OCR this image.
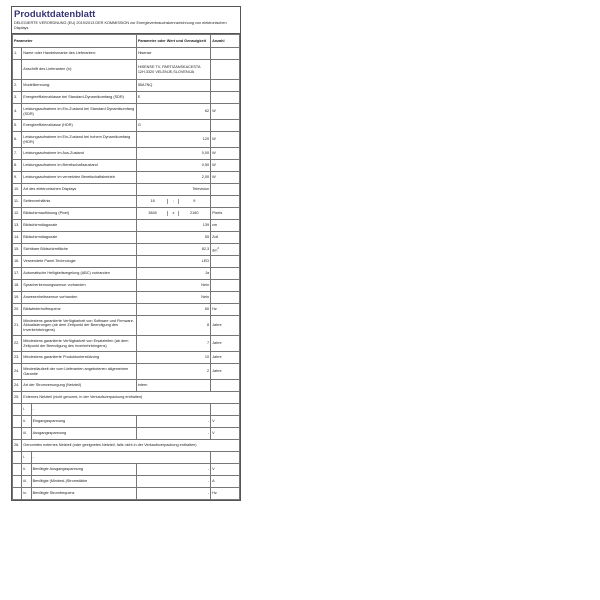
Produktdatenblatt
DELEGIERTE VERORDNUNG (EU) 2019/2013 DER KOMMISSION zur Energieverbrauchskennzeichnung von elektronischen Displays
Parameter			Parameter oder Wert und Genauigkeit	Anzahl
1.	Name oder Handelsmarke des Lieferanten:		Hisense	
	Anschrift des Lieferanten (b):		HISENSE TV, PARTIZANSKACESTA 12H,3320 VELENJE,SLOVENIJA	
2.	Modellkennung:		55A7NQ	
3.	Energieeffizienzklasse bei Standard-Dynamikumfang (SDR)		E	
4.	Leistungsaufnahme im Ein-Zustand bei Standard Dynamikumfang (SDR)		62	W
5.	Energieeffizienzklasse (HDR)		G	
6.	Leistungsaufnahme im Ein-Zustand bei hohem Dynamikumfang (HDR)		120	W
7.	Leistungsaufnahme im Aus-Zustand		0,00	W
8.	Leistungsaufnahme im Bereitschaftszustand		0,50	W
9.	Leistungsaufnahme im vernetzten Bereitschaftsbetrieb		2,00	W
10.	Art des elektronischen Displays		Television	
11.	Seitenverhältnis		16 : 9	

12.	Bildschirmauflösung (Pixel)		3840 x 2160	Pixels
13.	Bildschirmdiagonale		139	cm
14.	Bildschirmdiagonale		55	Zoll
15.	Sichtbare Bildschirmfläche		82,3	$dm^2$
16.	Verwendete Panel-Technologie		LED	
17.	Automatische Helligkeitsregelung (ABC) vorhanden		Ja	
18.	Spracherkennungssensor vorhanden		Nein	
19.	Anwesenheitssensor vorhanden		Nein	
20.	Bildwiederholfrequenz		60	Hz
21.	Mindestens garantierte Verfügbarkeit von Software und Firmware-Aktualisierungen (ab dem Zeitpunkt der Beendigung des Inverkehrbringens)		8	Jahre
22.	Mindestens garantierte Verfügbarkeit von Ersatzteilen (ab dem Zeitpunkt der Beendigung des Inverkehrbringens)		7	Jahre
23.	Mindestens garantierte Produktunterstützung		10	Jahre
24.	Mindestlaufzeit der vom Lieferanten angebotenen allgemeinen Garantie		2	Jahre
24.	Art der Stromversorgung (Netzteil)		intern	
25.	Externes Netzteil (nicht genormt, in der Verkaufsverpackung enthalten)			
	i.	-		
	ii.	Eingangsspannung	-	V
	iii.	Ausgangsspannung	-	V
26.	Genormtes externes Netzteil (oder geeignetes Netzteil, falls nicht in der Verkaufsverpackung enthalten)			
	i.	-		
	ii.	Benötigte Ausgangsspannung	-	V
	iii.	Benötigte (Mindest-)Stromstärke	-	A
	iv.	Benötigte Stromfrequenz	-	Hz
